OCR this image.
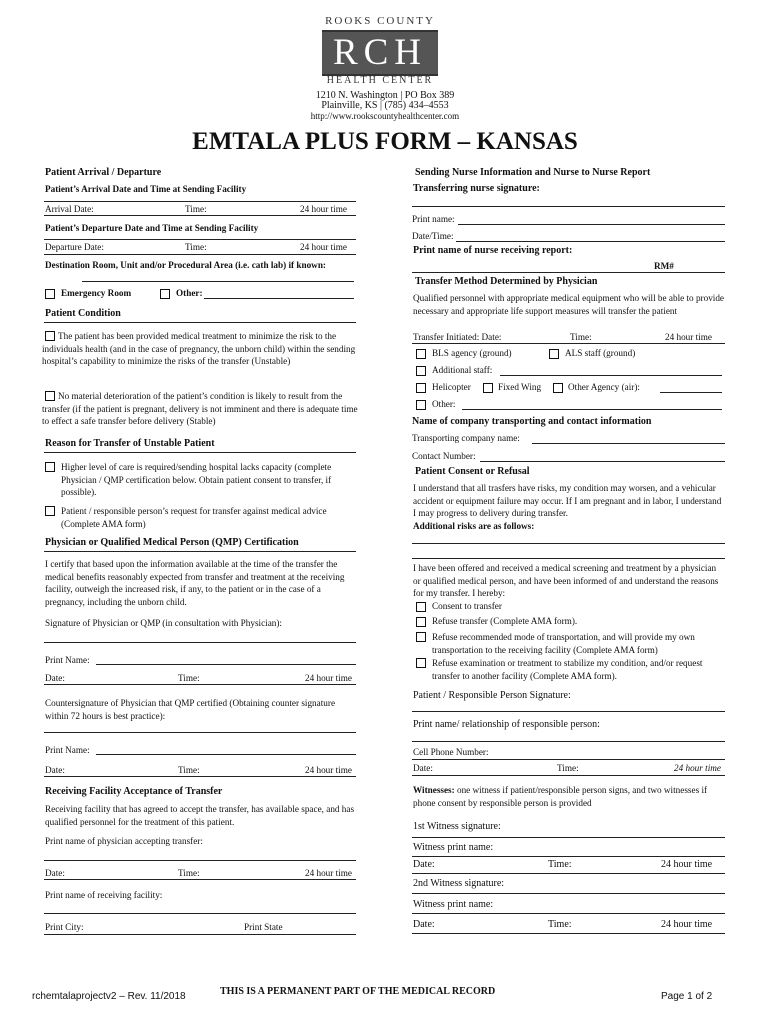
ROOKS COUNTY
RCH
HEALTH CENTER
1210 N. Washington | PO Box 389
Plainville, KS | (785) 434–4553
http://www.rookscountyhealthcenter.com
EMTALA PLUS FORM – KANSAS
Patient Arrival / Departure
Patient’s Arrival Date and Time at Sending Facility
Arrival Date:	Time:	24 hour time
Patient’s Departure Date and Time at Sending Facility
Departure Date:	Time:	24 hour time
Destination Room, Unit and/or Procedural Area (i.e. cath lab) if known:
Emergency Room	Other:
Patient Condition
The patient has been provided medical treatment to minimize the risk to the individuals health (and in the case of pregnancy, the unborn child) within the sending hospital’s capability to minimize the risks of the transfer (Unstable)
No material deterioration of the patient’s condition is likely to result from the transfer (if the patient is pregnant, delivery is not imminent and there is adequate time to effect a safe transfer before delivery (Stable)
Reason for Transfer of Unstable Patient
Higher level of care is required/sending hospital lacks capacity (complete Physician / QMP certification below. Obtain patient consent to transfer, if possible).
Patient / responsible person’s request for transfer against medical advice (Complete AMA form)
Physician or Qualified Medical Person (QMP) Certification
I certify that based upon the information available at the time of the transfer the medical benefits reasonably expected from transfer and treatment at the receiving facility, outweigh the increased risk, if any, to the patient or in the case of a pregnancy, including the unborn child.
Signature of Physician or QMP (in consultation with Physician):
Print Name:
Date:	Time:	24 hour time
Countersignature of Physician that QMP certified (Obtaining counter signature within 72 hours is best practice):
Print Name:
Date:	Time:	24 hour time
Receiving Facility Acceptance of Transfer
Receiving facility that has agreed to accept the transfer, has available space, and has qualified personnel for the treatment of this patient.
Print name of physician accepting transfer:
Date:	Time:	24 hour time
Print name of receiving facility:
Print City:	Print State
Sending Nurse Information and Nurse to Nurse Report
Transferring nurse signature:
Print name:
Date/Time:
Print name of nurse receiving report:
RM#
Transfer Method Determined by Physician
Qualified personnel with appropriate medical equipment who will be able to provide necessary and appropriate life support measures will transfer the patient
Transfer Initiated: Date:	Time:	24 hour time
BLS agency (ground)	ALS staff (ground)
Additional staff:
Helicopter	Fixed Wing	Other Agency (air):
Other:
Name of company transporting and contact information
Transporting company name:
Contact Number:
Patient Consent or Refusal
I understand that all trasfers have risks, my condition may worsen, and a vehicular accident or equipment failure may occur. If I am pregnant and in labor, I understand I may progress to delivery during transfer.
Additional risks are as follows:
I have been offered and received a medical screening and treatment by a physician or qualified medical person, and have been informed of and understand the reasons for my transfer. I hereby:
Consent to transfer
Refuse transfer (Complete AMA form).
Refuse recommended mode of transportation, and will provide my own transportation to the receiving facility (Complete AMA form)
Refuse examination or treatment to stabilize my condition, and/or request transfer to another facility (Complete AMA form).
Patient / Responsible Person Signature:
Print name/ relationship of responsible person:
Cell Phone Number:
Date:	Time:	24 hour time
Witnesses: one witness if patient/responsible person signs, and two witnesses if phone consent by responsible person is provided
1st Witness signature:
Witness print name:
Date:	Time:	24 hour time
2nd Witness signature:
Witness print name:
Date:	Time:	24 hour time
rchemtalaprojectv2 – Rev. 11/2018	THIS IS A PERMANENT PART OF THE MEDICAL RECORD	Page 1 of 2
